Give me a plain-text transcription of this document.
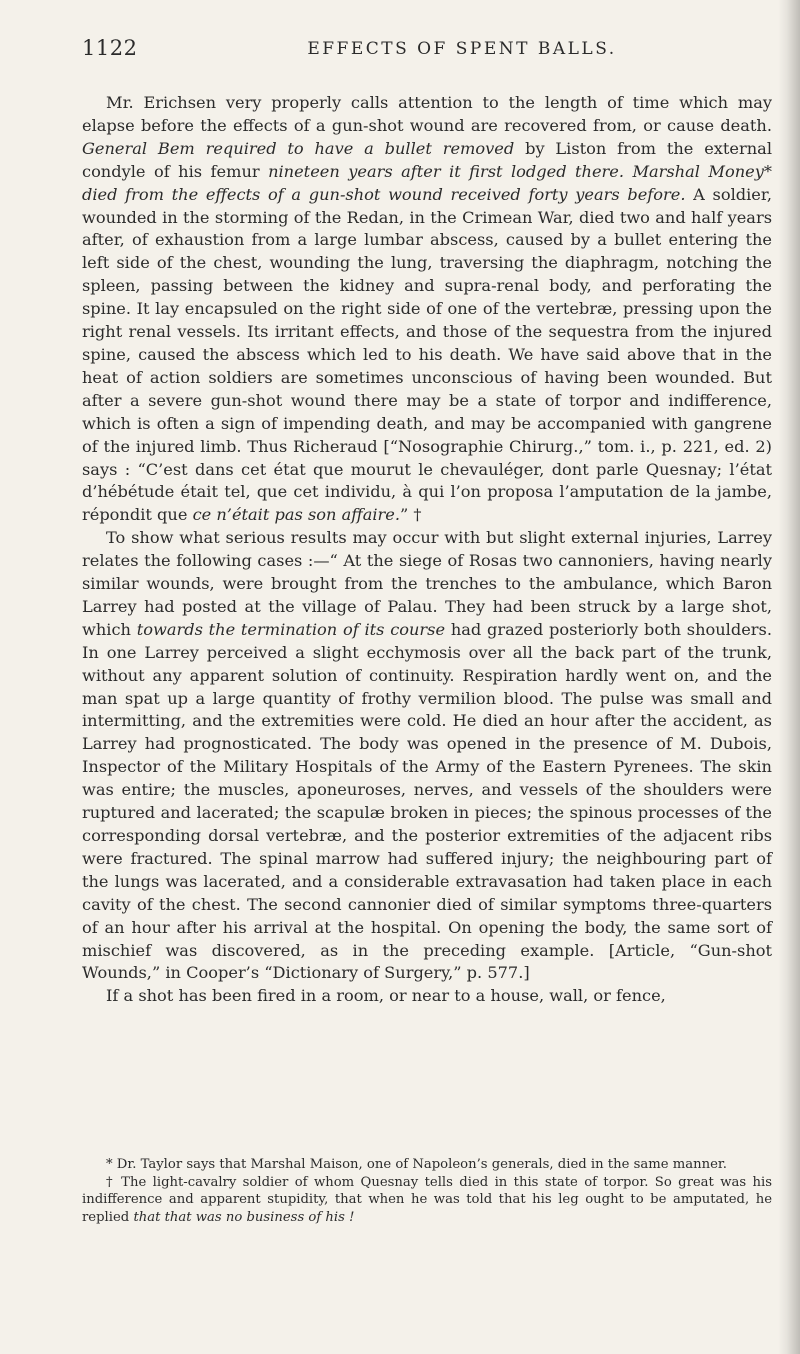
1122	EFFECTS OF SPENT BALLS.

Mr. Erichsen very properly calls attention to the length of time which may elapse before the effects of a gun-shot wound are recovered from, or cause death. General Bem required to have a bullet removed by Liston from the external condyle of his femur nineteen years after it first lodged there. Marshal Money* died from the effects of a gun-shot wound received forty years before. A soldier, wounded in the storming of the Redan, in the Crimean War, died two and half years after, of exhaustion from a large lumbar abscess, caused by a bullet entering the left side of the chest, wounding the lung, traversing the diaphragm, notching the spleen, passing between the kidney and supra-renal body, and perforating the spine. It lay encapsuled on the right side of one of the vertebræ, pressing upon the right renal vessels. Its irritant effects, and those of the sequestra from the injured spine, caused the abscess which led to his death. We have said above that in the heat of action soldiers are sometimes unconscious of having been wounded. But after a severe gun-shot wound there may be a state of torpor and indifference, which is often a sign of impending death, and may be accompanied with gangrene of the injured limb. Thus Richeraud [“Nosographie Chirurg.,” tom. i., p. 221, ed. 2) says : “C’est dans cet état que mourut le chevauléger, dont parle Quesnay; l’état d’hébétude était tel, que cet individu, à qui l’on proposa l’amputation de la jambe, répondit que ce n’était pas son affaire.” †

To show what serious results may occur with but slight external injuries, Larrey relates the following cases :—“ At the siege of Rosas two cannoniers, having nearly similar wounds, were brought from the trenches to the ambulance, which Baron Larrey had posted at the village of Palau. They had been struck by a large shot, which towards the termination of its course had grazed posteriorly both shoulders. In one Larrey perceived a slight ecchymosis over all the back part of the trunk, without any apparent solution of continuity. Respiration hardly went on, and the man spat up a large quantity of frothy vermilion blood. The pulse was small and intermitting, and the extremities were cold. He died an hour after the accident, as Larrey had prognosticated. The body was opened in the presence of M. Dubois, Inspector of the Military Hospitals of the Army of the Eastern Pyrenees. The skin was entire; the muscles, aponeuroses, nerves, and vessels of the shoulders were ruptured and lacerated; the scapulæ broken in pieces; the spinous processes of the corresponding dorsal vertebræ, and the posterior extremities of the adjacent ribs were fractured. The spinal marrow had suffered injury; the neighbouring part of the lungs was lacerated, and a considerable extravasation had taken place in each cavity of the chest. The second cannonier died of similar symptoms three-quarters of an hour after his arrival at the hospital. On opening the body, the same sort of mischief was discovered, as in the preceding example. [Article, “Gun-shot Wounds,” in Cooper’s “Dictionary of Surgery,” p. 577.]

If a shot has been fired in a room, or near to a house, wall, or fence,

* Dr. Taylor says that Marshal Maison, one of Napoleon’s generals, died in the same manner.

† The light-cavalry soldier of whom Quesnay tells died in this state of torpor. So great was his indifference and apparent stupidity, that when he was told that his leg ought to be amputated, he replied that that was no business of his !
